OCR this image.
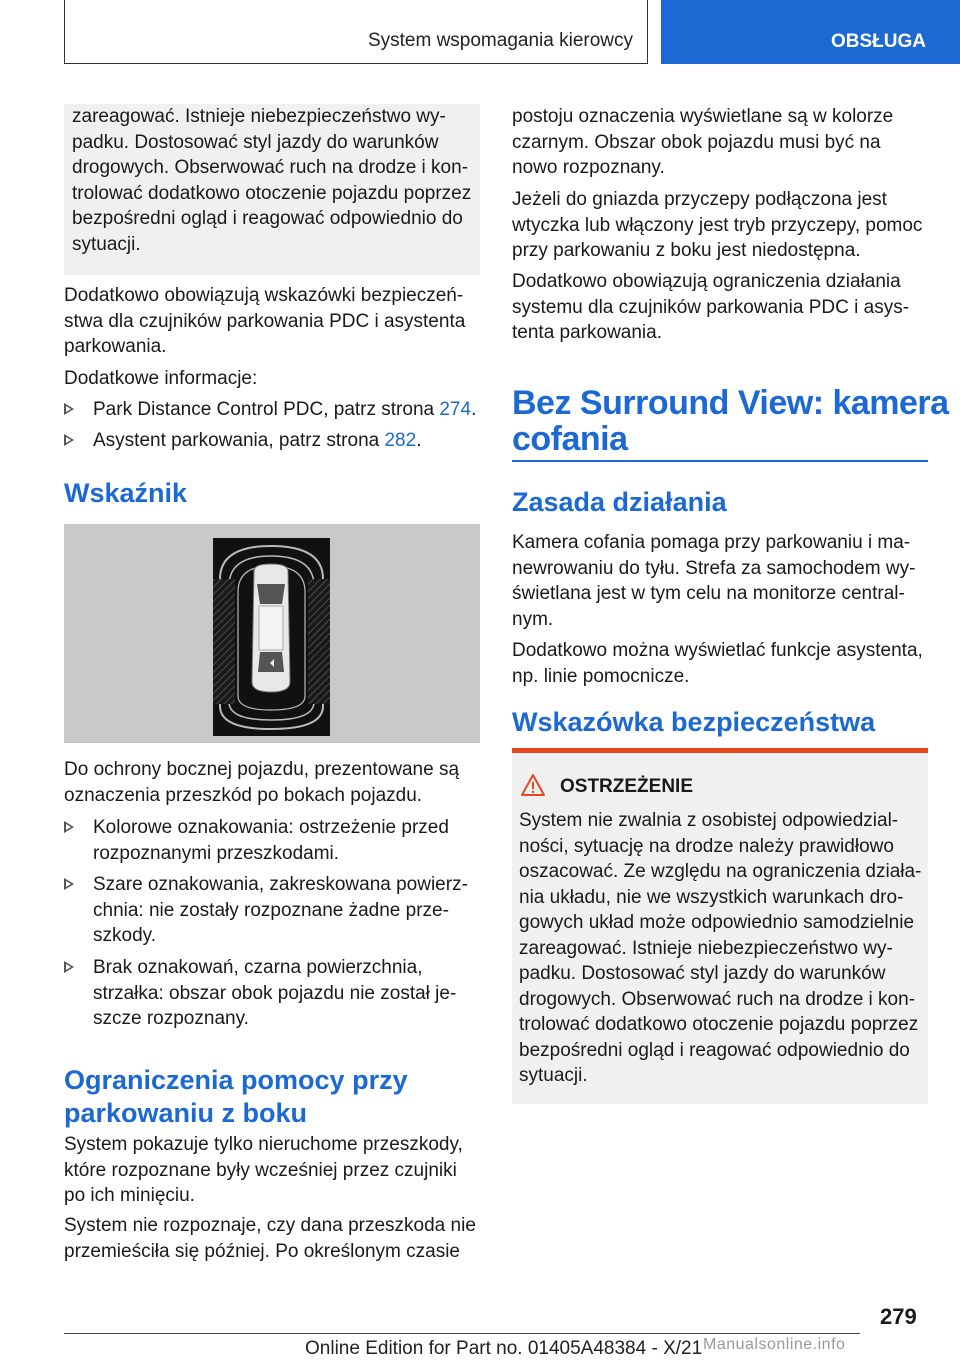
System wspomagania kierowcy	OBSŁUGA
zareagować. Istnieje niebezpieczeństwo wy-
padku. Dostosować styl jazdy do warunków
drogowych. Obserwować ruch na drodze i kon-
trolować dodatkowo otoczenie pojazdu poprzez
bezpośredni ogląd i reagować odpowiednio do
sytuacji.
Dodatkowo obowiązują wskazówki bezpieczeń-
stwa dla czujników parkowania PDC i asystenta
parkowania.
Dodatkowe informacje:
Park Distance Control PDC, patrz strona 274.
Asystent parkowania, patrz strona 282.
Wskaźnik
Do ochrony bocznej pojazdu, prezentowane są
oznaczenia przeszkód po bokach pojazdu.
Kolorowe oznakowania: ostrzeżenie przed
rozpoznanymi przeszkodami.
Szare oznakowania, zakreskowana powierz-
chnia: nie zostały rozpoznane żadne prze-
szkody.
Brak oznakowań, czarna powierzchnia,
strzałka: obszar obok pojazdu nie został je-
szcze rozpoznany.
Ograniczenia pomocy przy
parkowaniu z boku
System pokazuje tylko nieruchome przeszkody,
które rozpoznane były wcześniej przez czujniki
po ich minięciu.
System nie rozpoznaje, czy dana przeszkoda nie
przemieściła się później. Po określonym czasie
postoju oznaczenia wyświetlane są w kolorze
czarnym. Obszar obok pojazdu musi być na
nowo rozpoznany.
Jeżeli do gniazda przyczepy podłączona jest
wtyczka lub włączony jest tryb przyczepy, pomoc
przy parkowaniu z boku jest niedostępna.
Dodatkowo obowiązują ograniczenia działania
systemu dla czujników parkowania PDC i asys-
tenta parkowania.
Bez Surround View: kamera
cofania
Zasada działania
Kamera cofania pomaga przy parkowaniu i ma-
newrowaniu do tyłu. Strefa za samochodem wy-
świetlana jest w tym celu na monitorze central-
nym.
Dodatkowo można wyświetlać funkcje asystenta,
np. linie pomocnicze.
Wskazówka bezpieczeństwa
OSTRZEŻENIE
System nie zwalnia z osobistej odpowiedzial-
ności, sytuację na drodze należy prawidłowo
oszacować. Ze względu na ograniczenia działa-
nia układu, nie we wszystkich warunkach dro-
gowych układ może odpowiednio samodzielnie
zareagować. Istnieje niebezpieczeństwo wy-
padku. Dostosować styl jazdy do warunków
drogowych. Obserwować ruch na drodze i kon-
trolować dodatkowo otoczenie pojazdu poprzez
bezpośredni ogląd i reagować odpowiednio do
sytuacji.
279
Online Edition for Part no. 01405A48384 - X/21 Manualsonline.info
